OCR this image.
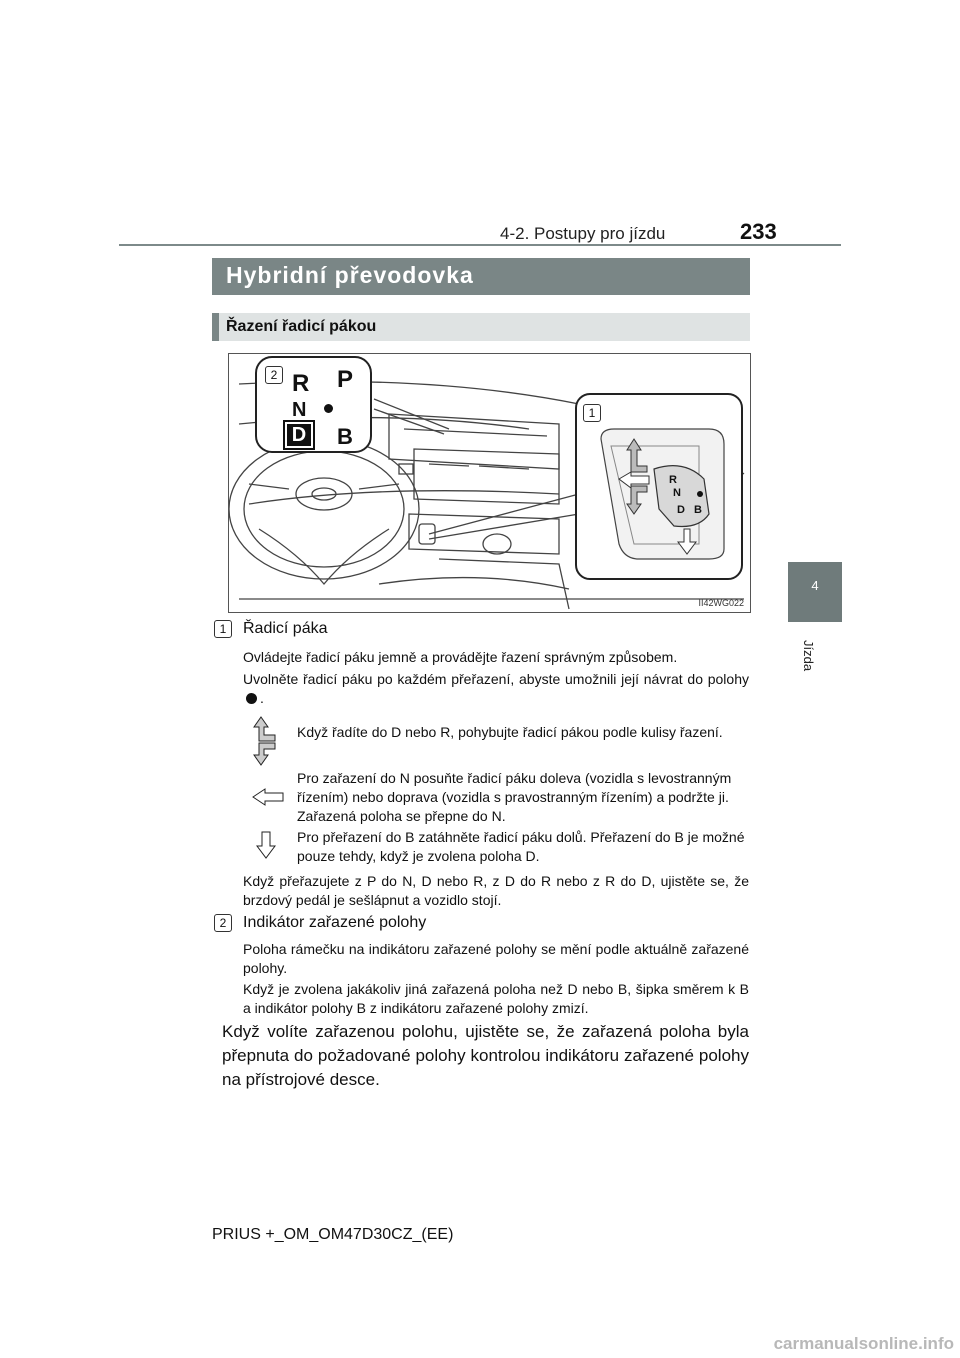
4-2. Postupy pro jízdu	233
4
Jízda
Hybridní převodovka
Řazení řadicí pákou
R P
N
D B
2
1
R
N
D B
II42WG022
1	Řadicí páka
Ovládejte řadicí páku jemně a provádějte řazení správným způsobem.
Uvolněte řadicí páku po každém přeřazení, abyste umožnili její návrat do polohy.
Když řadíte do D nebo R, pohybujte řadicí pákou podle kulisy řazení.
Pro zařazení do N posuňte řadicí páku doleva (vozidla s levostranným řízením) nebo doprava (vozidla s pravostranným řízením) a podržte ji. Zařazená poloha se přepne do N.
Pro přeřazení do B zatáhněte řadicí páku dolů. Přeřazení do B je možné pouze tehdy, když je zvolena poloha D.
Když přeřazujete z P do N, D nebo R, z D do R nebo z R do D, ujistěte se, že brzdový pedál je sešlápnut a vozidlo stojí.
2	Indikátor zařazené polohy
Poloha rámečku na indikátoru zařazené polohy se mění podle aktuálně zařazené polohy.
Když je zvolena jakákoliv jiná zařazená poloha než D nebo B, šipka směrem k B a indikátor polohy B z indikátoru zařazené polohy zmizí.
Když volíte zařazenou polohu, ujistěte se, že zařazená poloha byla přepnuta do požadované polohy kontrolou indikátoru zařazené polohy na přístrojové desce.
PRIUS +_OM_OM47D30CZ_(EE)
carmanualsonline.info
